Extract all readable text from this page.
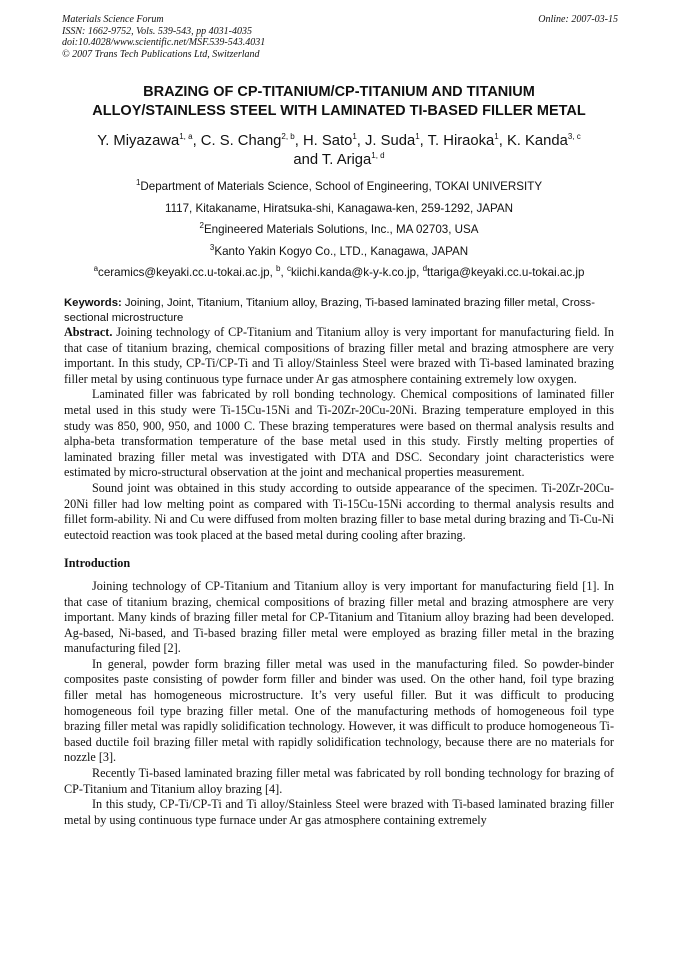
Materials Science Forum
ISSN: 1662-9752, Vols. 539-543, pp 4031-4035
doi:10.4028/www.scientific.net/MSF.539-543.4031
© 2007 Trans Tech Publications Ltd, Switzerland
Online: 2007-03-15
BRAZING OF CP-TITANIUM/CP-TITANIUM AND TITANIUM
ALLOY/STAINLESS STEEL WITH LAMINATED TI-BASED FILLER METAL
Y. Miyazawa$^{1, a}$, C. S. Chang$^{2, b}$, H. Sato$^1$, J. Suda$^1$, T. Hiraoka$^1$, K. Kanda$^{3, c}$
and T. Ariga$^{1, d}$
$^1$Department of Materials Science, School of Engineering, TOKAI UNIVERSITY
1117, Kitakaname, Hiratsuka-shi, Kanagawa-ken, 259-1292, JAPAN
$^2$Engineered Materials Solutions, Inc., MA 02703, USA
$^3$Kanto Yakin Kogyo Co., LTD., Kanagawa, JAPAN
$^a$ceramics@keyaki.cc.u-tokai.ac.jp, $^b$, $^c$kiichi.kanda@k-y-k.co.jp, $^d$ttariga@keyaki.cc.u-tokai.ac.jp

Keywords: Joining, Joint, Titanium, Titanium alloy, Brazing, Ti-based laminated brazing filler metal, Cross-sectional microstructure

Abstract. Joining technology of CP-Titanium and Titanium alloy is very important for manufacturing field. In that case of titanium brazing, chemical compositions of brazing filler metal and brazing atmosphere are very important. In this study, CP-Ti/CP-Ti and Ti alloy/Stainless Steel were brazed with Ti-based laminated brazing filler metal by using continuous type furnace under Ar gas atmosphere containing extremely low oxygen.

Laminated filler was fabricated by roll bonding technology. Chemical compositions of laminated filler metal used in this study were Ti-15Cu-15Ni and Ti-20Zr-20Cu-20Ni. Brazing temperature employed in this study was 850, 900, 950, and 1000 C. These brazing temperatures were based on thermal analysis results and alpha-beta transformation temperature of the base metal used in this study. Firstly melting properties of laminated brazing filler metal was investigated with DTA and DSC. Secondary joint characteristics were estimated by micro-structural observation at the joint and mechanical properties measurement.

Sound joint was obtained in this study according to outside appearance of the specimen. Ti-20Zr-20Cu-20Ni filler had low melting point as compared with Ti-15Cu-15Ni according to thermal analysis results and fillet form-ability. Ni and Cu were diffused from molten brazing filler to base metal during brazing and Ti-Cu-Ni eutectoid reaction was took placed at the based metal during cooling after brazing.

Introduction

Joining technology of CP-Titanium and Titanium alloy is very important for manufacturing field [1]. In that case of titanium brazing, chemical compositions of brazing filler metal and brazing atmosphere are very important. Many kinds of brazing filler metal for CP-Titanium and Titanium alloy brazing had been developed. Ag-based, Ni-based, and Ti-based brazing filler metal were employed as brazing filler metal in the brazing manufacturing filed [2].

In general, powder form brazing filler metal was used in the manufacturing filed. So powder-binder composites paste consisting of powder form filler and binder was used. On the other hand, foil type brazing filler metal has homogeneous microstructure. It’s very useful filler. But it was difficult to producing homogeneous foil type brazing filler metal. One of the manufacturing methods of homogeneous foil type brazing filler metal was rapidly solidification technology. However, it was difficult to produce homogeneous Ti-based ductile foil brazing filler metal with rapidly solidification technology, because there are no materials for nozzle [3].

Recently Ti-based laminated brazing filler metal was fabricated by roll bonding technology for brazing of CP-Titanium and Titanium alloy brazing [4].

In this study, CP-Ti/CP-Ti and Ti alloy/Stainless Steel were brazed with Ti-based laminated brazing filler metal by using continuous type furnace under Ar gas atmosphere containing extremely
